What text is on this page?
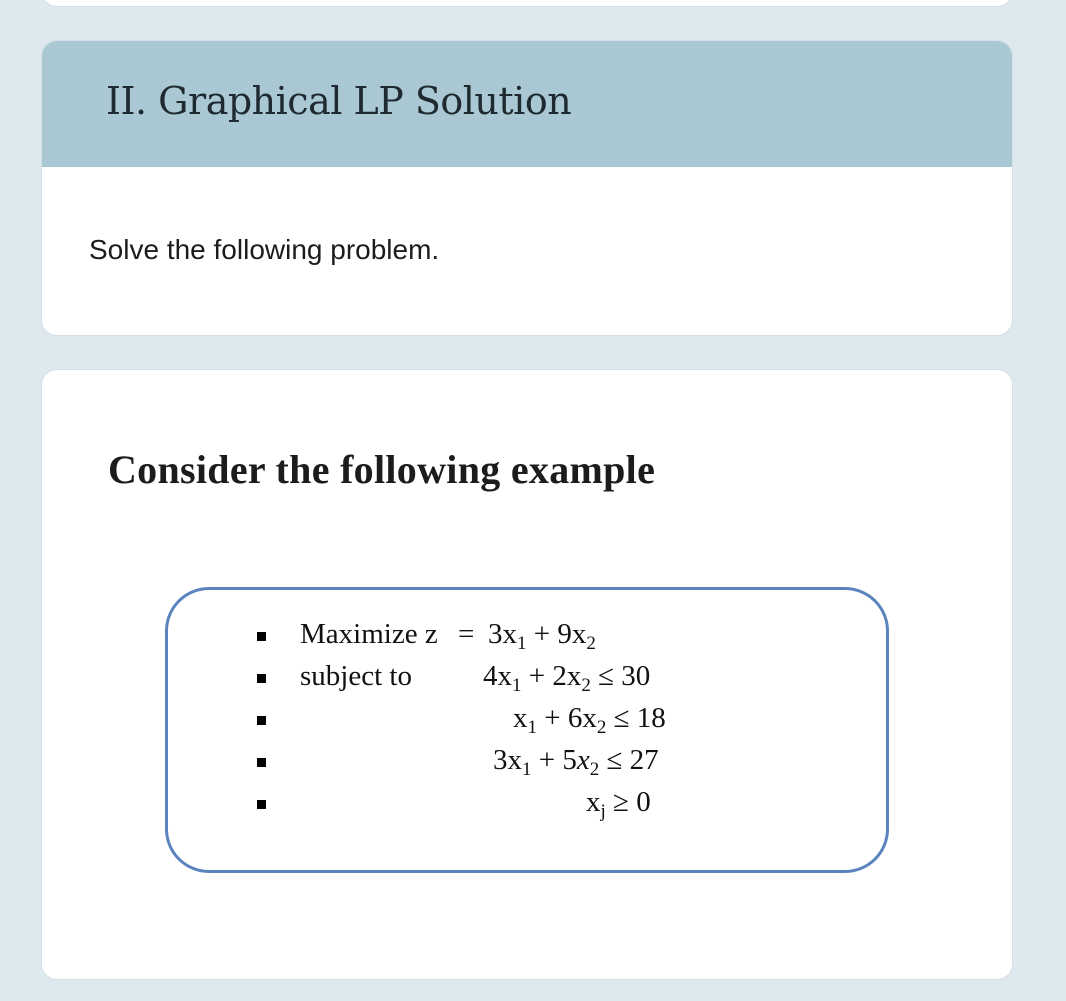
II. Graphical LP Solution

Solve the following problem.

Consider the following example
Maximize $z = 3x_1 + 9x_2$
subject to $4x_1 + 2x_2 \le 30$
$x_1 + 6x_2 \le 18$
$3x_1 + 5x_2 \le 27$
$x_j \ge 0$
